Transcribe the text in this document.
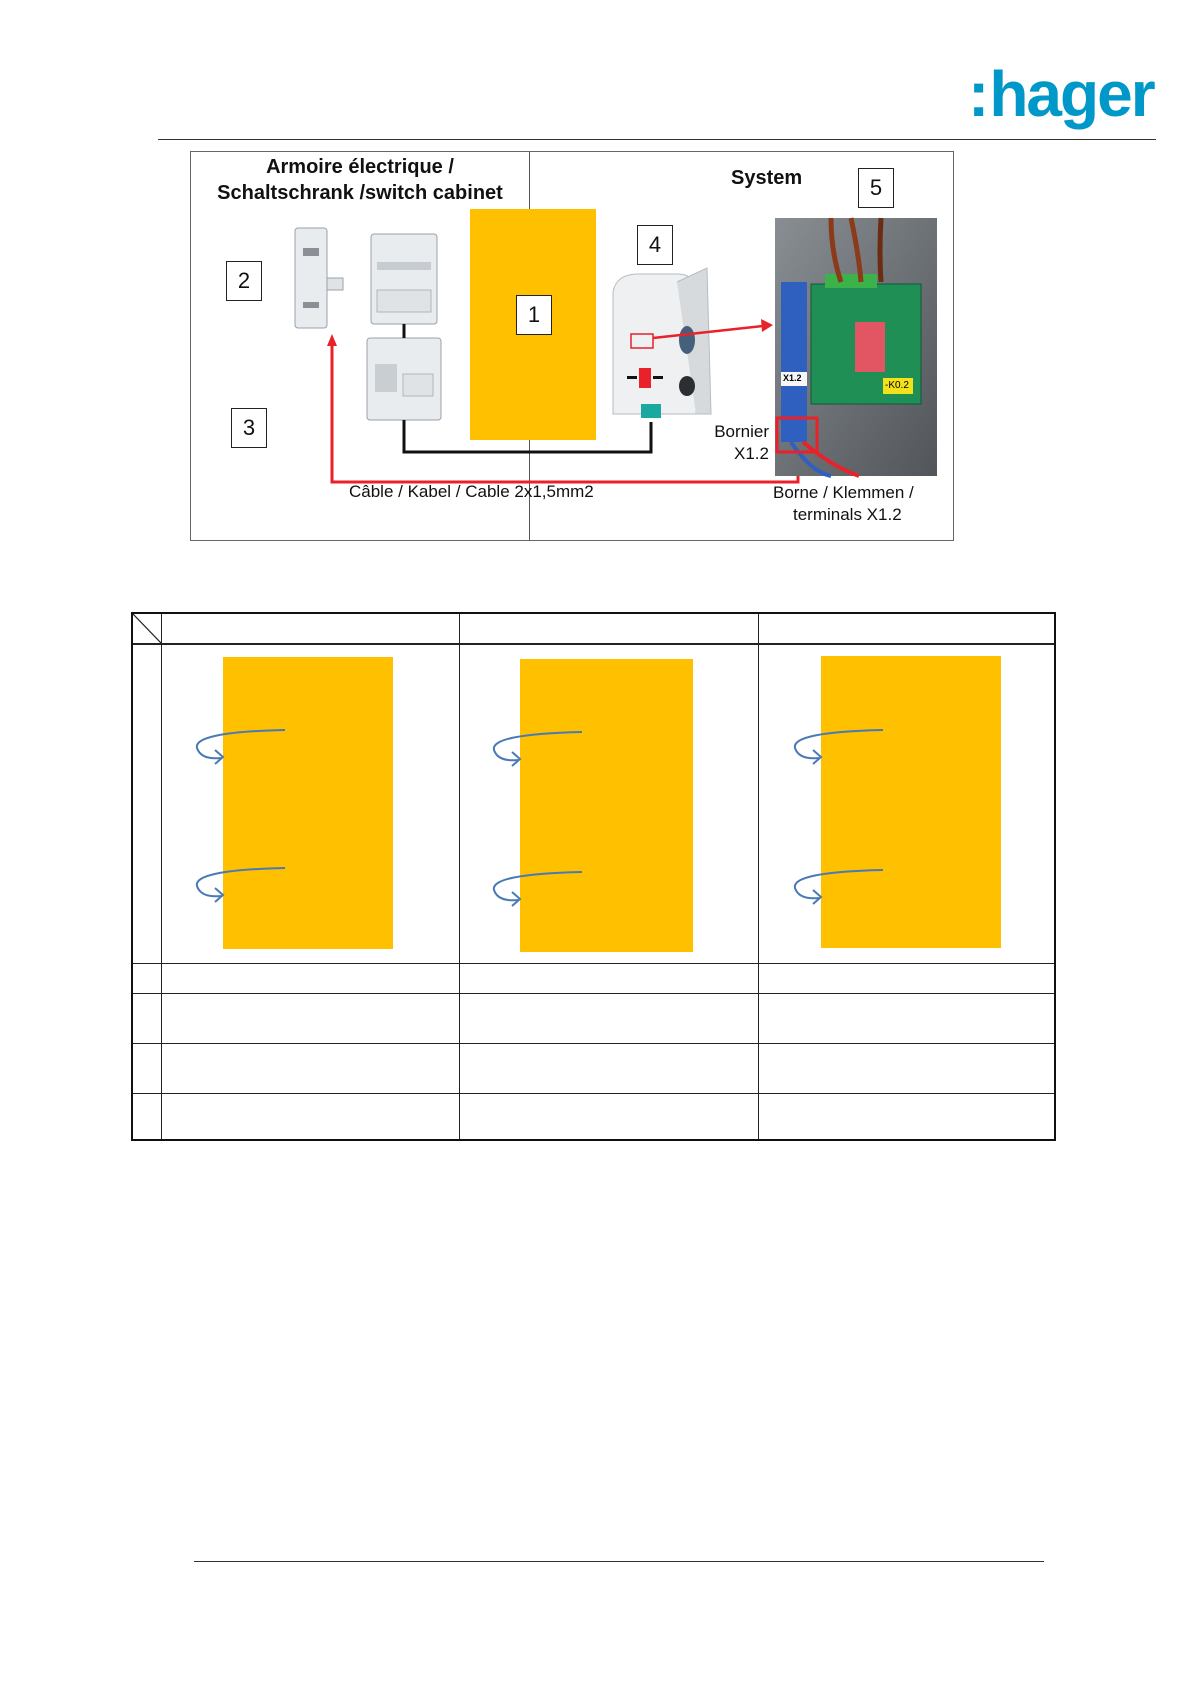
:hager
Armoire électrique /
Schaltschrank /switch cabinet
System
X1.2
-K0.2
2
3
1
4
5
Bornier
X1.2
Câble / Kabel / Cable 2x1,5mm2	Borne / Klemmen /
terminals X1.2
